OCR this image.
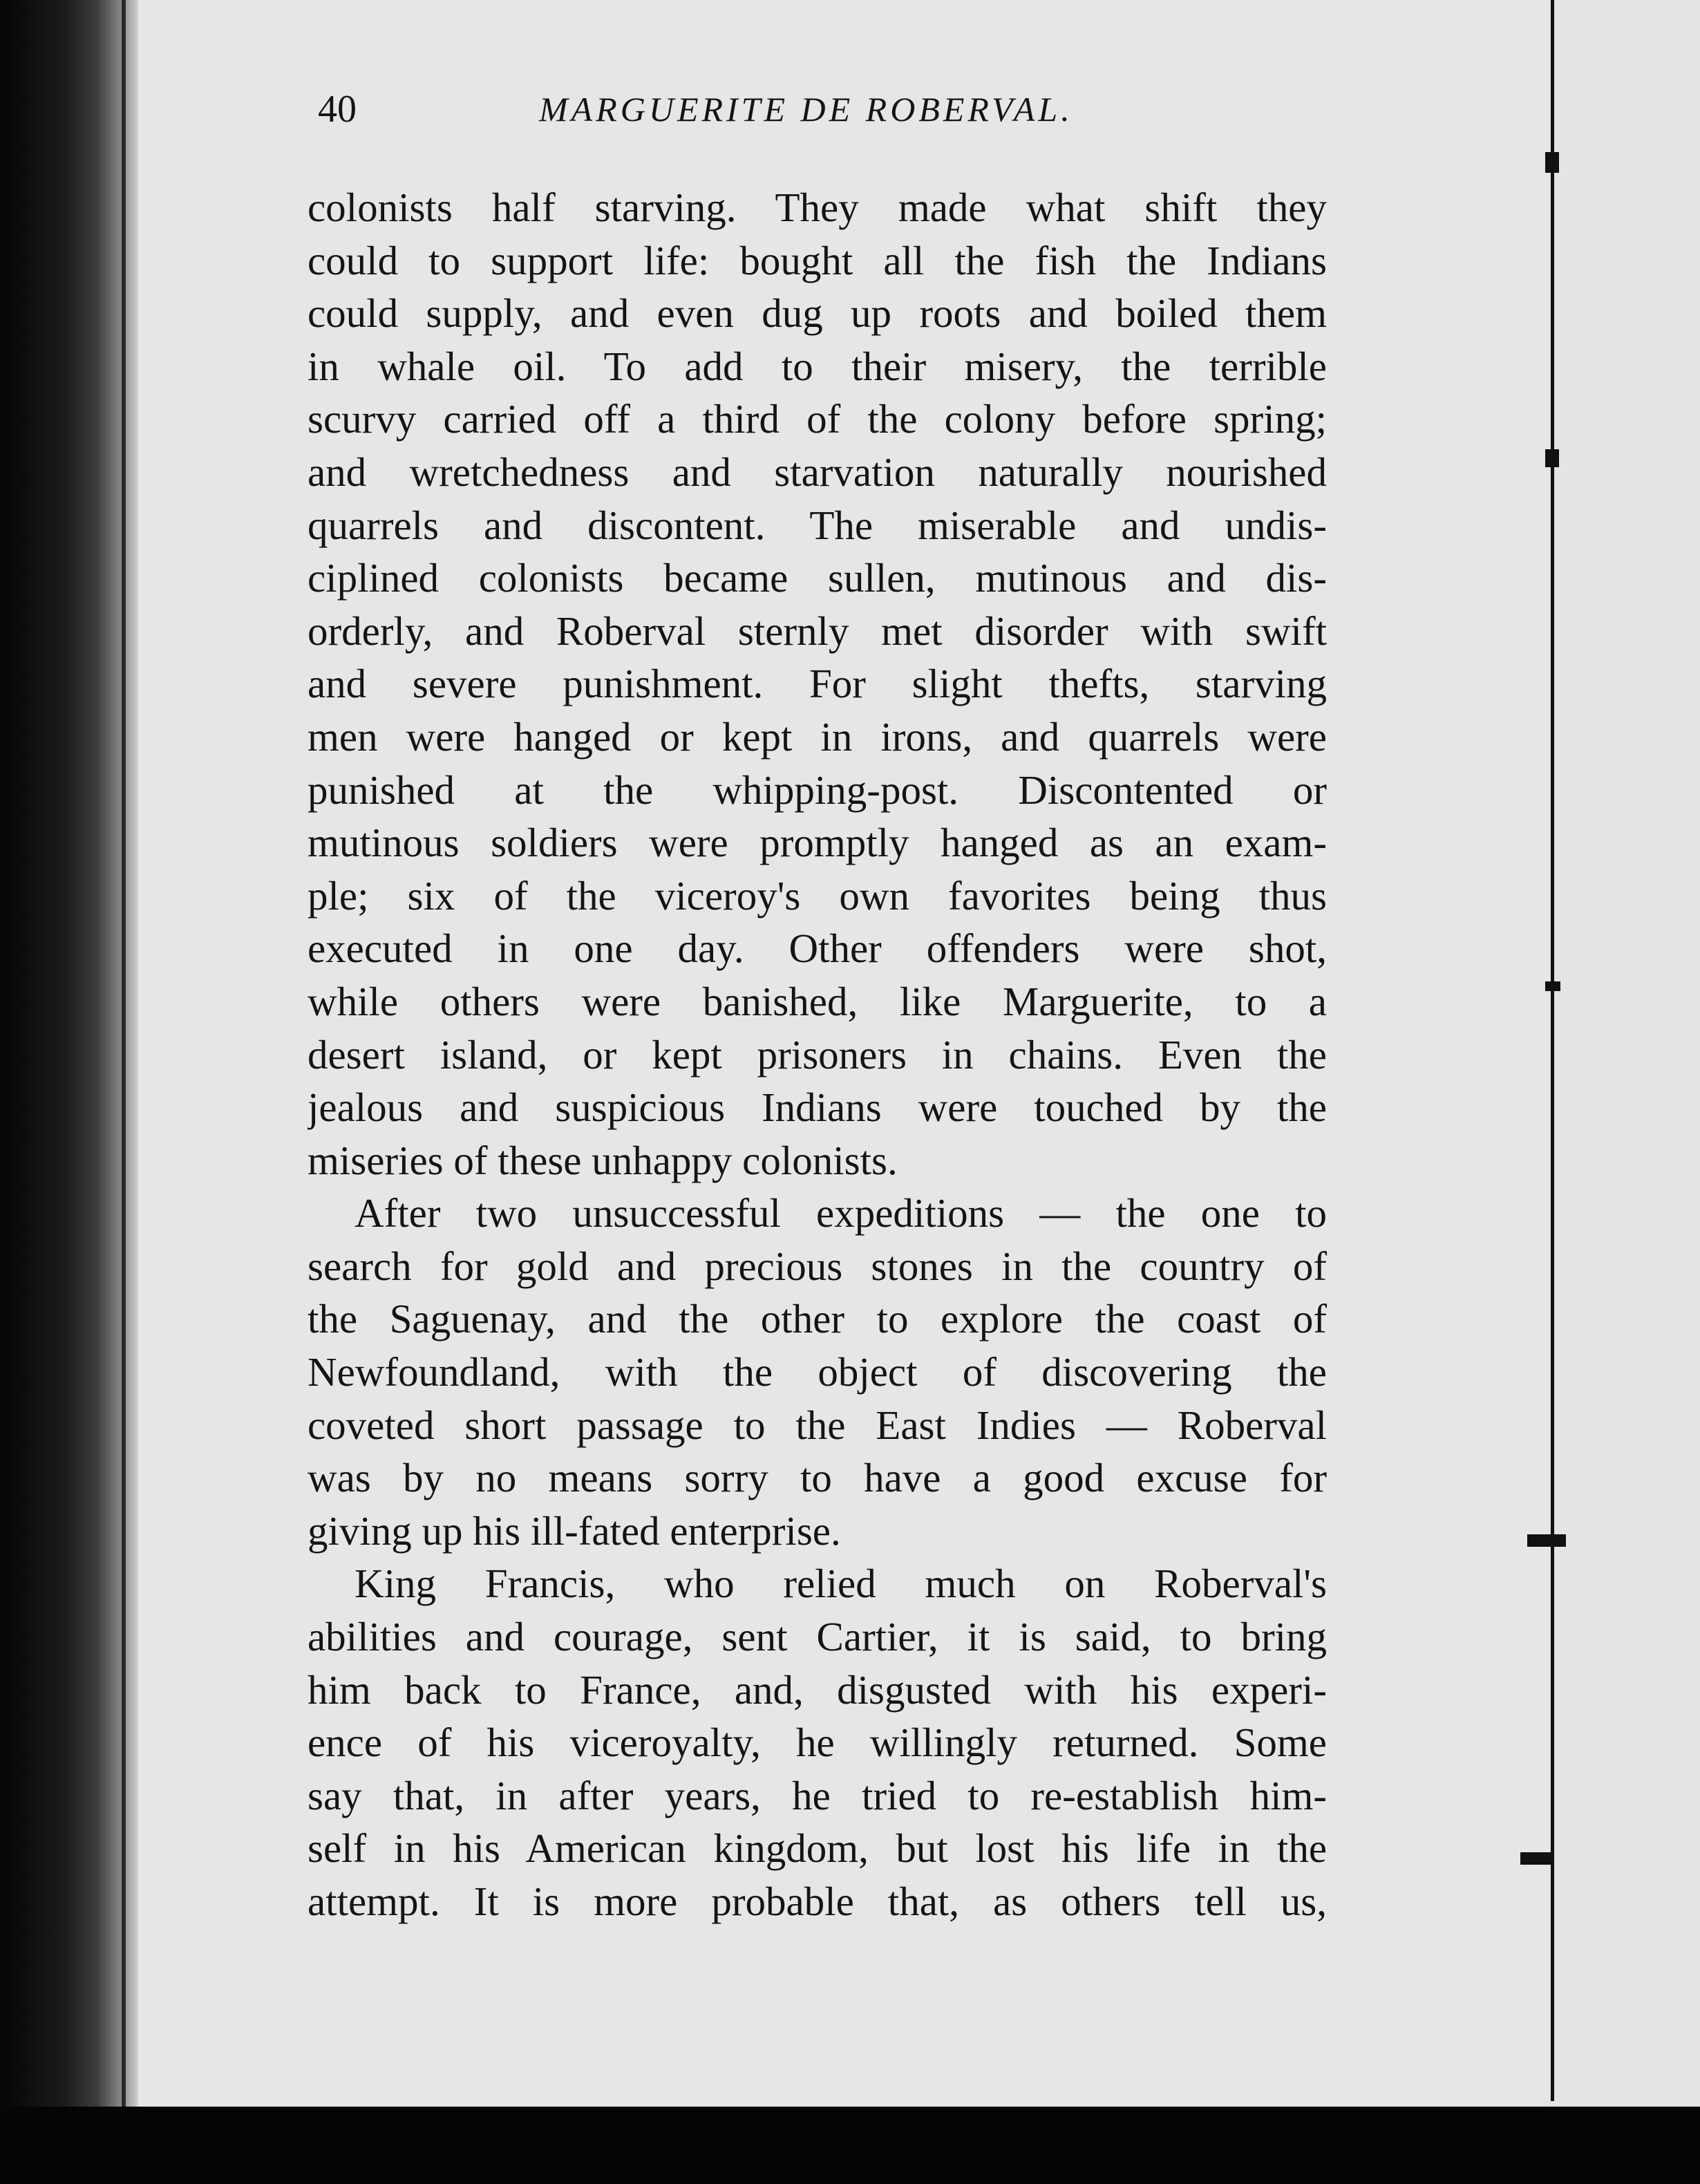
40	MARGUERITE DE ROBERVAL.
colonists half starving. They made what shift they
could to support life: bought all the fish the Indians
could supply, and even dug up roots and boiled them
in whale oil. To add to their misery, the terrible
scurvy carried off a third of the colony before spring;
and wretchedness and starvation naturally nourished
quarrels and discontent. The miserable and undis-
ciplined colonists became sullen, mutinous and dis-
orderly, and Roberval sternly met disorder with swift
and severe punishment. For slight thefts, starving
men were hanged or kept in irons, and quarrels were
punished at the whipping-post. Discontented or
mutinous soldiers were promptly hanged as an exam-
ple; six of the viceroy's own favorites being thus
executed in one day. Other offenders were shot,
while others were banished, like Marguerite, to a
desert island, or kept prisoners in chains. Even the
jealous and suspicious Indians were touched by the
miseries of these unhappy colonists.
After two unsuccessful expeditions — the one to
search for gold and precious stones in the country of
the Saguenay, and the other to explore the coast of
Newfoundland, with the object of discovering the
coveted short passage to the East Indies — Roberval
was by no means sorry to have a good excuse for
giving up his ill-fated enterprise.
King Francis, who relied much on Roberval's
abilities and courage, sent Cartier, it is said, to bring
him back to France, and, disgusted with his experi-
ence of his viceroyalty, he willingly returned. Some
say that, in after years, he tried to re-establish him-
self in his American kingdom, but lost his life in the
attempt. It is more probable that, as others tell us,
